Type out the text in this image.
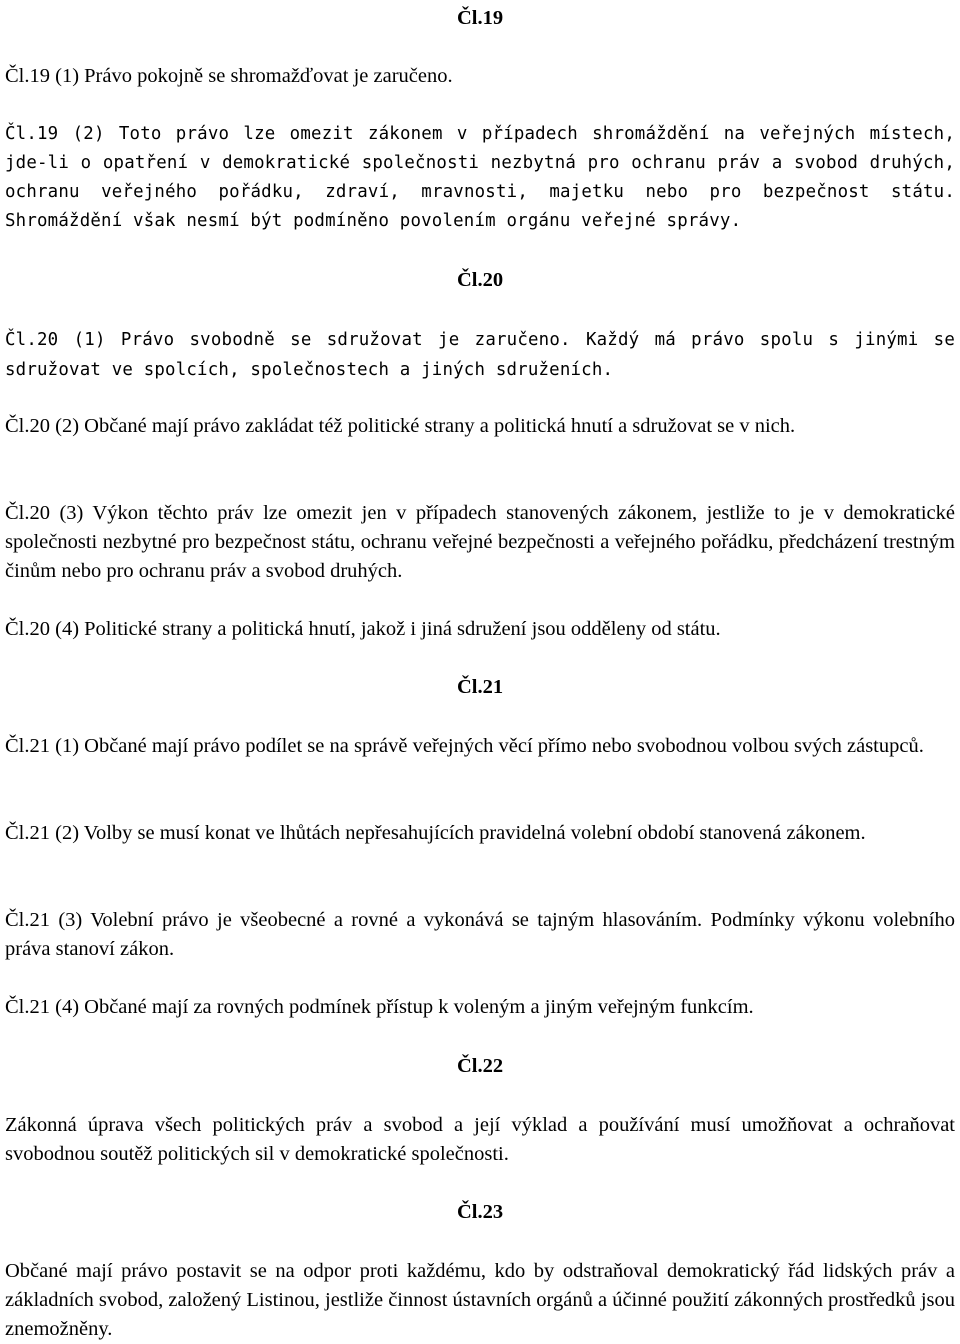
Čl.19

Čl.19 (1) Právo pokojně se shromažďovat je zaručeno.

Čl.19 (2) Toto právo lze omezit zákonem v případech shromáždění na veřejných místech, jde-li o opatření v demokratické společnosti nezbytná pro ochranu práv a svobod druhých, ochranu veřejného pořádku, zdraví, mravnosti, majetku nebo pro bezpečnost státu. Shromáždění však nesmí být podmíněno povolením orgánu veřejné správy.

Čl.20

Čl.20 (1) Právo svobodně se sdružovat je zaručeno. Každý má právo spolu s jinými se sdružovat ve spolcích, společnostech a jiných sdruženích.

Čl.20 (2) Občané mají právo zakládat též politické strany a politická hnutí a sdružovat se v nich.

Čl.20 (3) Výkon těchto práv lze omezit jen v případech stanovených zákonem, jestliže to je v demokratické společnosti nezbytné pro bezpečnost státu, ochranu veřejné bezpečnosti a veřejného pořádku, předcházení trestným činům nebo pro ochranu práv a svobod druhých.

Čl.20 (4) Politické strany a politická hnutí, jakož i jiná sdružení jsou odděleny od státu.

Čl.21

Čl.21 (1) Občané mají právo podílet se na správě veřejných věcí přímo nebo svobodnou volbou svých zástupců.

Čl.21 (2) Volby se musí konat ve lhůtách nepřesahujících pravidelná volební období stanovená zákonem.

Čl.21 (3) Volební právo je všeobecné a rovné a vykonává se tajným hlasováním. Podmínky výkonu volebního práva stanoví zákon.

Čl.21 (4) Občané mají za rovných podmínek přístup k voleným a jiným veřejným funkcím.

Čl.22

Zákonná úprava všech politických práv a svobod a její výklad a používání musí umožňovat a ochraňovat svobodnou soutěž politických sil v demokratické společnosti.

Čl.23

Občané mají právo postavit se na odpor proti každému, kdo by odstraňoval demokratický řád lidských práv a základních svobod, založený Listinou, jestliže činnost ústavních orgánů a účinné použití zákonných prostředků jsou znemožněny.
